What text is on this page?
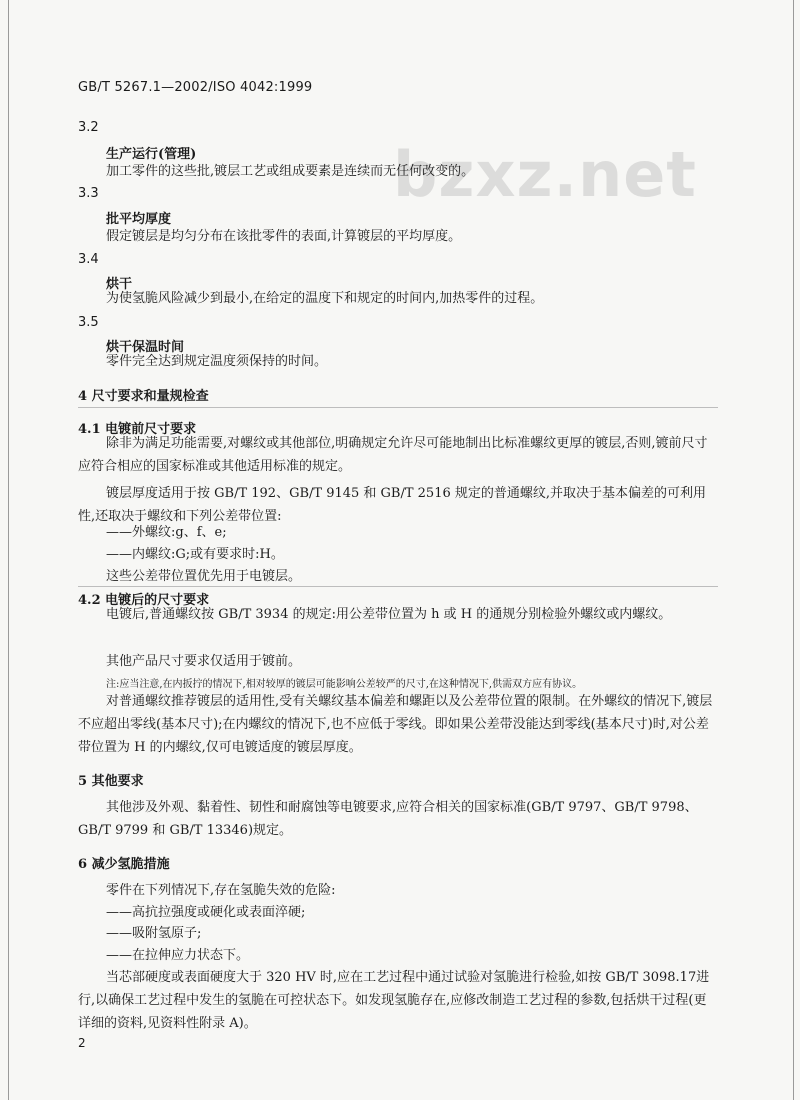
GB/T 5267.1—2002/ISO 4042:1999
bzxz.net
3.2
生产运行(管理)
加工零件的这些批,镀层工艺或组成要素是连续而无任何改变的。
3.3
批平均厚度
假定镀层是均匀分布在该批零件的表面,计算镀层的平均厚度。
3.4
烘干
为使氢脆风险减少到最小,在给定的温度下和规定的时间内,加热零件的过程。
3.5
烘干保温时间
零件完全达到规定温度须保持的时间。
4 尺寸要求和量规检查
4.1 电镀前尺寸要求
除非为满足功能需要,对螺纹或其他部位,明确规定允许尽可能地制出比标准螺纹更厚的镀层,否则,镀前尺寸应符合相应的国家标准或其他适用标准的规定。
镀层厚度适用于按 GB/T 192、GB/T 9145 和 GB/T 2516 规定的普通螺纹,并取决于基本偏差的可利用性,还取决于螺纹和下列公差带位置:
——外螺纹:g、f、e;
——内螺纹:G;或有要求时:H。
这些公差带位置优先用于电镀层。
4.2 电镀后的尺寸要求
电镀后,普通螺纹按 GB/T 3934 的规定:用公差带位置为 h 或 H 的通规分别检验外螺纹或内螺纹。
其他产品尺寸要求仅适用于镀前。
注:应当注意,在内扳拧的情况下,相对较厚的镀层可能影响公差较严的尺寸,在这种情况下,供需双方应有协议。
对普通螺纹推荐镀层的适用性,受有关螺纹基本偏差和螺距以及公差带位置的限制。在外螺纹的情况下,镀层不应超出零线(基本尺寸);在内螺纹的情况下,也不应低于零线。即如果公差带没能达到零线(基本尺寸)时,对公差带位置为 H 的内螺纹,仅可电镀适度的镀层厚度。
5 其他要求
其他涉及外观、黏着性、韧性和耐腐蚀等电镀要求,应符合相关的国家标准(GB/T 9797、GB/T 9798、GB/T 9799 和 GB/T 13346)规定。
6 减少氢脆措施
零件在下列情况下,存在氢脆失效的危险:
——高抗拉强度或硬化或表面淬硬;
——吸附氢原子;
——在拉伸应力状态下。
当芯部硬度或表面硬度大于 320 HV 时,应在工艺过程中通过试验对氢脆进行检验,如按 GB/T 3098.17进行,以确保工艺过程中发生的氢脆在可控状态下。如发现氢脆存在,应修改制造工艺过程的参数,包括烘干过程(更详细的资料,见资料性附录 A)。
2
